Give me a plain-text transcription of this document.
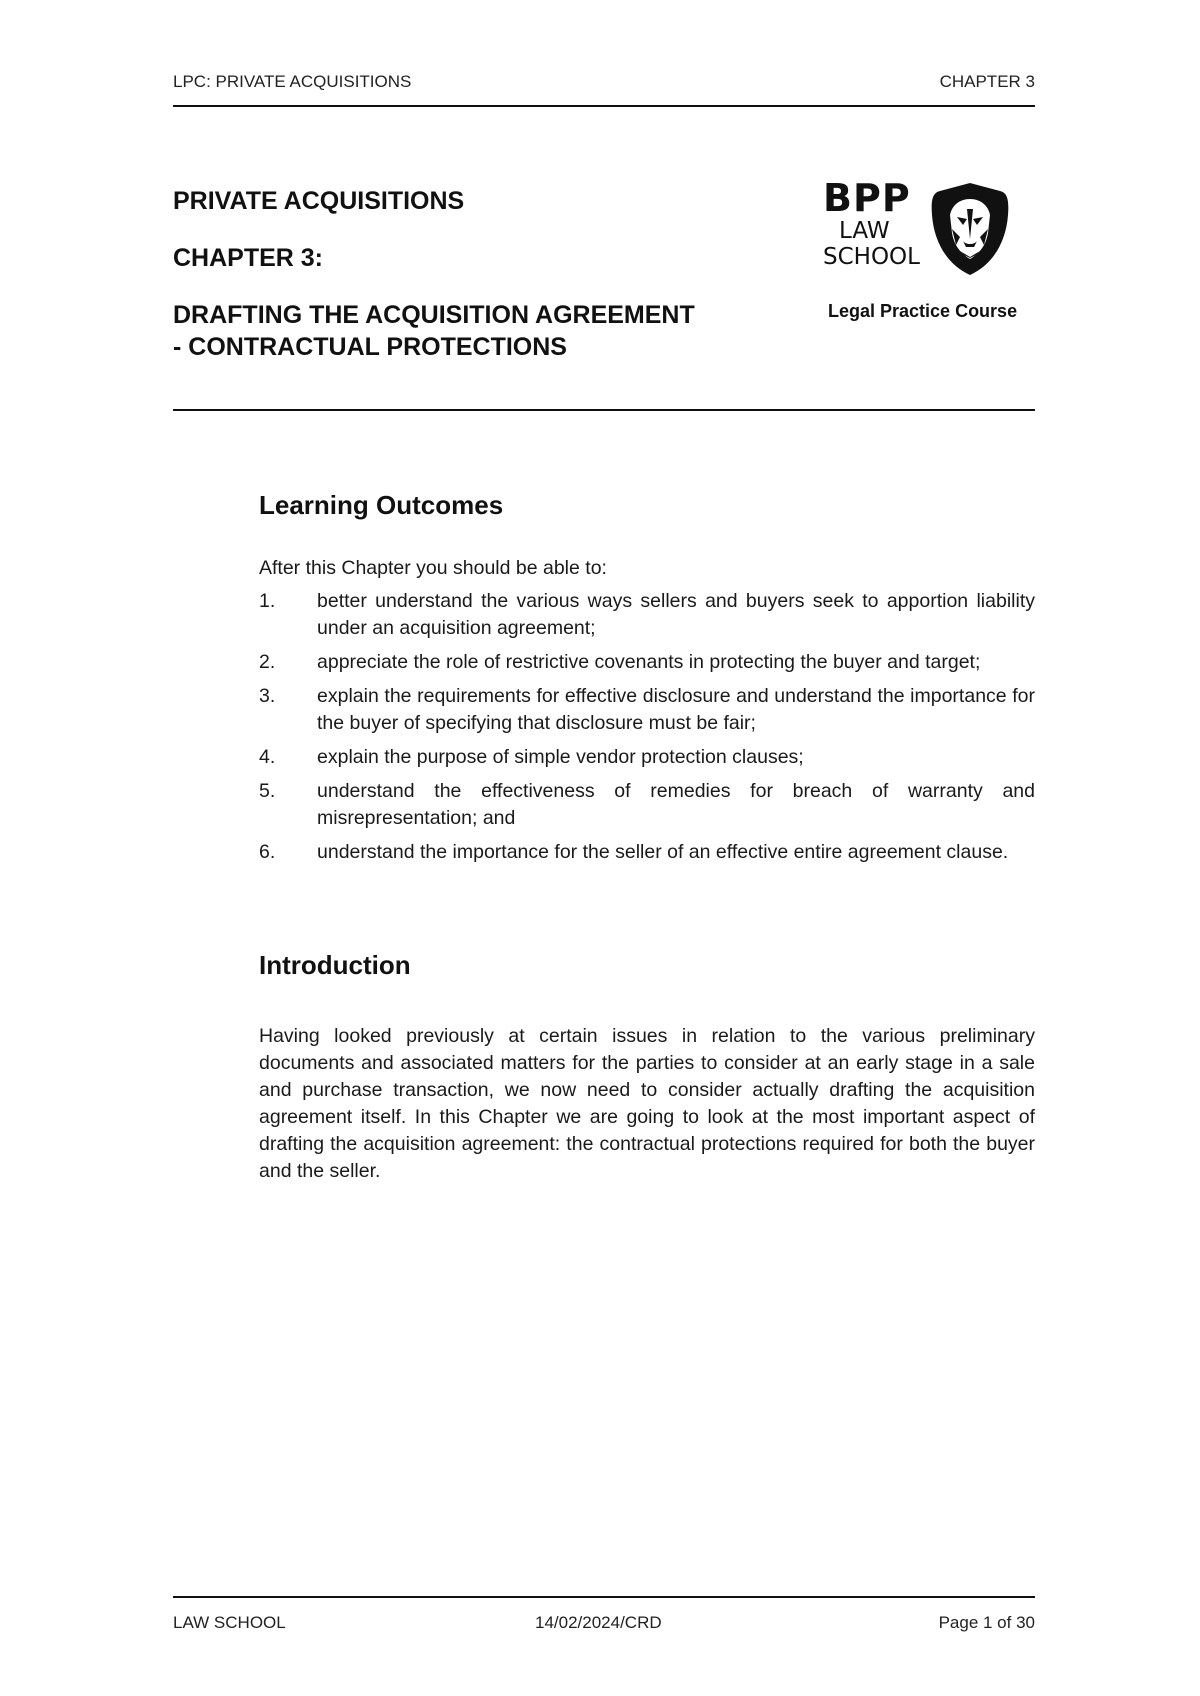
LPC: PRIVATE ACQUISITIONS	CHAPTER 3

PRIVATE ACQUISITIONS

CHAPTER 3:

DRAFTING THE ACQUISITION AGREEMENT

- CONTRACTUAL PROTECTIONS

BPP
LAW
SCHOOL
Legal Practice Course
Learning Outcomes
After this Chapter you should be able to:
1.	better understand the various ways sellers and buyers seek to apportion liability under an acquisition agreement;
2.	appreciate the role of restrictive covenants in protecting the buyer and target;
3.	explain the requirements for effective disclosure and understand the importance for the buyer of specifying that disclosure must be fair;
4.	explain the purpose of simple vendor protection clauses;
5.	understand the effectiveness of remedies for breach of warranty and misrepresentation; and
6.	understand the importance for the seller of an effective entire agreement clause.
Introduction

Having looked previously at certain issues in relation to the various preliminary documents and associated matters for the parties to consider at an early stage in a sale and purchase transaction, we now need to consider actually drafting the acquisition agreement itself. In this Chapter we are going to look at the most important aspect of drafting the acquisition agreement: the contractual protections required for both the buyer and the seller.

LAW SCHOOL	14/02/2024/CRD	Page 1 of 30
